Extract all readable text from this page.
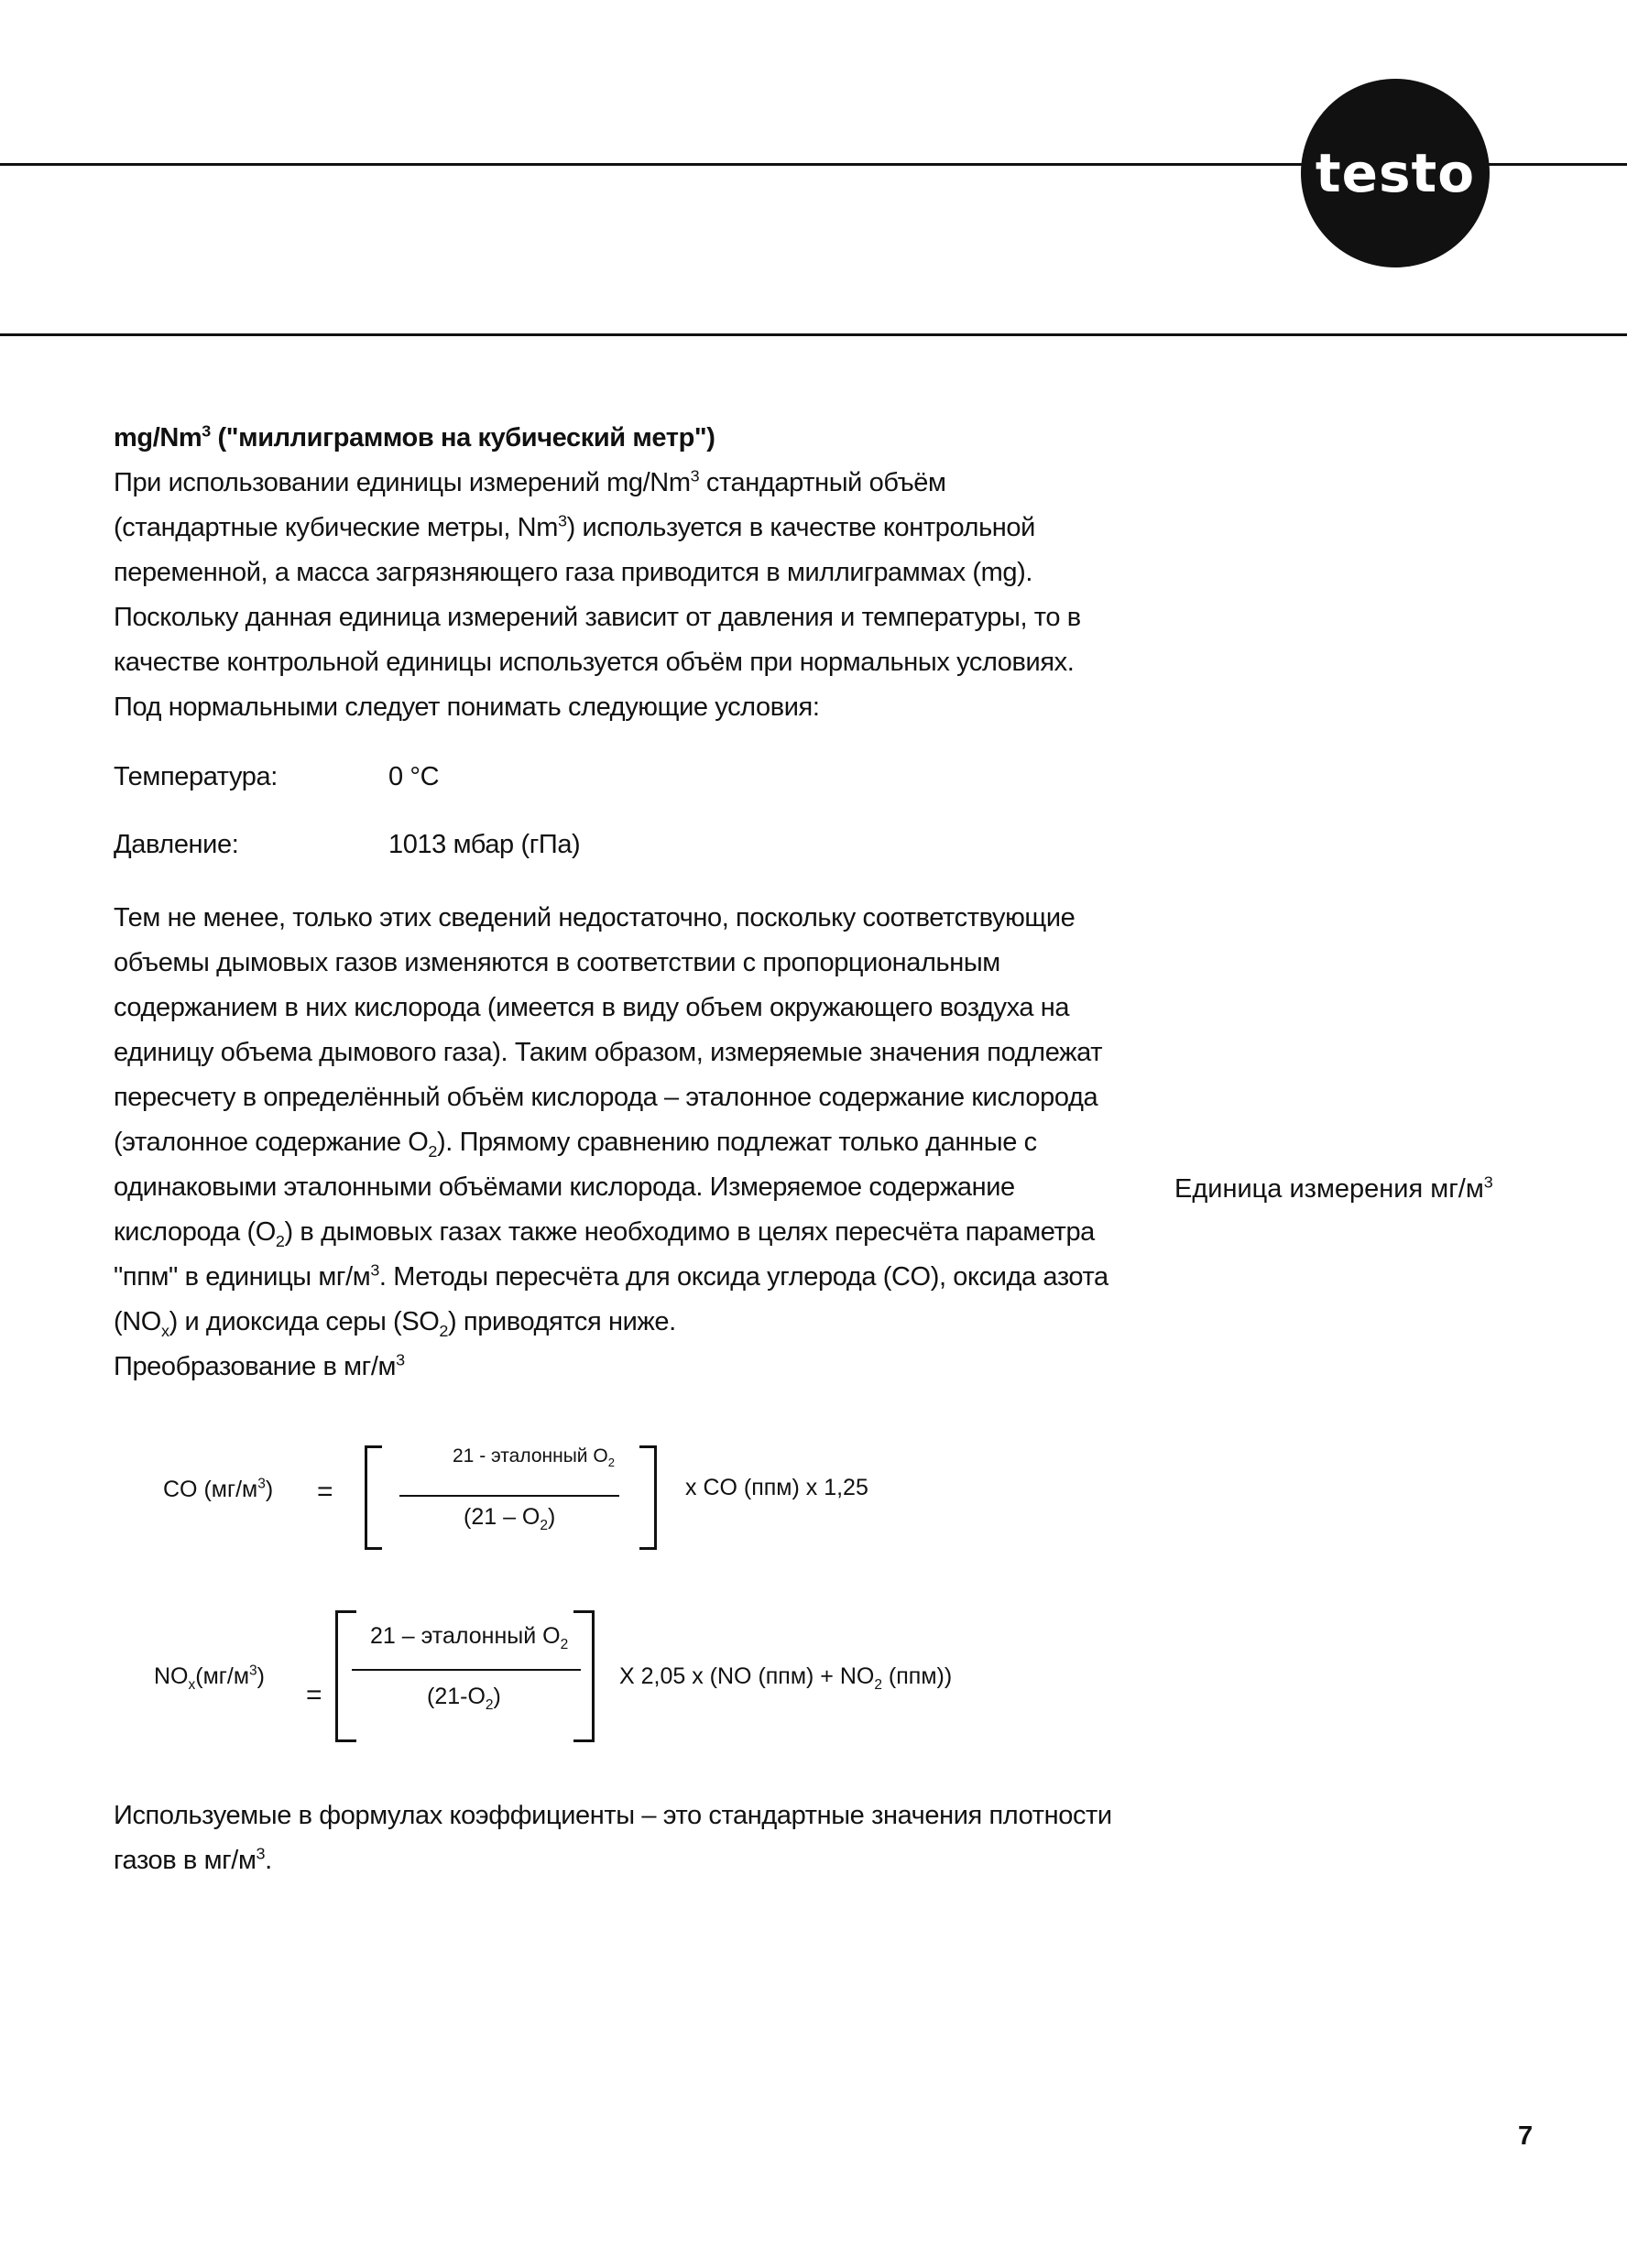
testo
mg/Nm$^3$ ("миллиграммов на кубический метр")
При использовании единицы измерений mg/Nm$^3$ стандартный объём
(стандартные кубические метры, Nm$^3$) используется в качестве контрольной
переменной, а масса загрязняющего газа приводится в миллиграммах (mg).
Поскольку данная единица измерений зависит от давления и температуры, то в
качестве контрольной единицы используется объём при нормальных условиях.
Под нормальными следует понимать следующие условия:
Температура:	0 °C
Давление:	1013 мбар (гПа)
Тем не менее, только этих сведений недостаточно, поскольку соответствующие
объемы дымовых газов изменяются в соответствии с пропорциональным
содержанием в них кислорода (имеется в виду объем окружающего воздуха на
единицу объема дымового газа). Таким образом, измеряемые значения подлежат
пересчету в определённый объём кислорода – эталонное содержание кислорода
(эталонное содержание $O_2$). Прямому сравнению подлежат только данные с
одинаковыми эталонными объёмами кислорода. Измеряемое содержание
кислорода $(O_2)$ в дымовых газах также необходимо в целях пересчёта параметра
"ппм" в единицы $мг/м^3$. Методы пересчёта для оксида углерода (CO), оксида азота
$(NO_x)$ и диоксида серы $(SO_2)$ приводятся ниже.
Преобразование в $мг/м^3$
Единица измерения $мг/м^3$
CO $(мг/м^3)$ =
21 - эталонный $O_2$
$(21 - O_2)$
x CO (ппм) x 1,25
$NO_x(мг/м^3)$
=
21 – эталонный $O_2$
$(21-O_2)$
X 2,05 x (NO $(ппм) + NO_2$ (ппм))
Используемые в формулах коэффициенты – это стандартные значения плотности
газов в $мг/м^3$.
7
